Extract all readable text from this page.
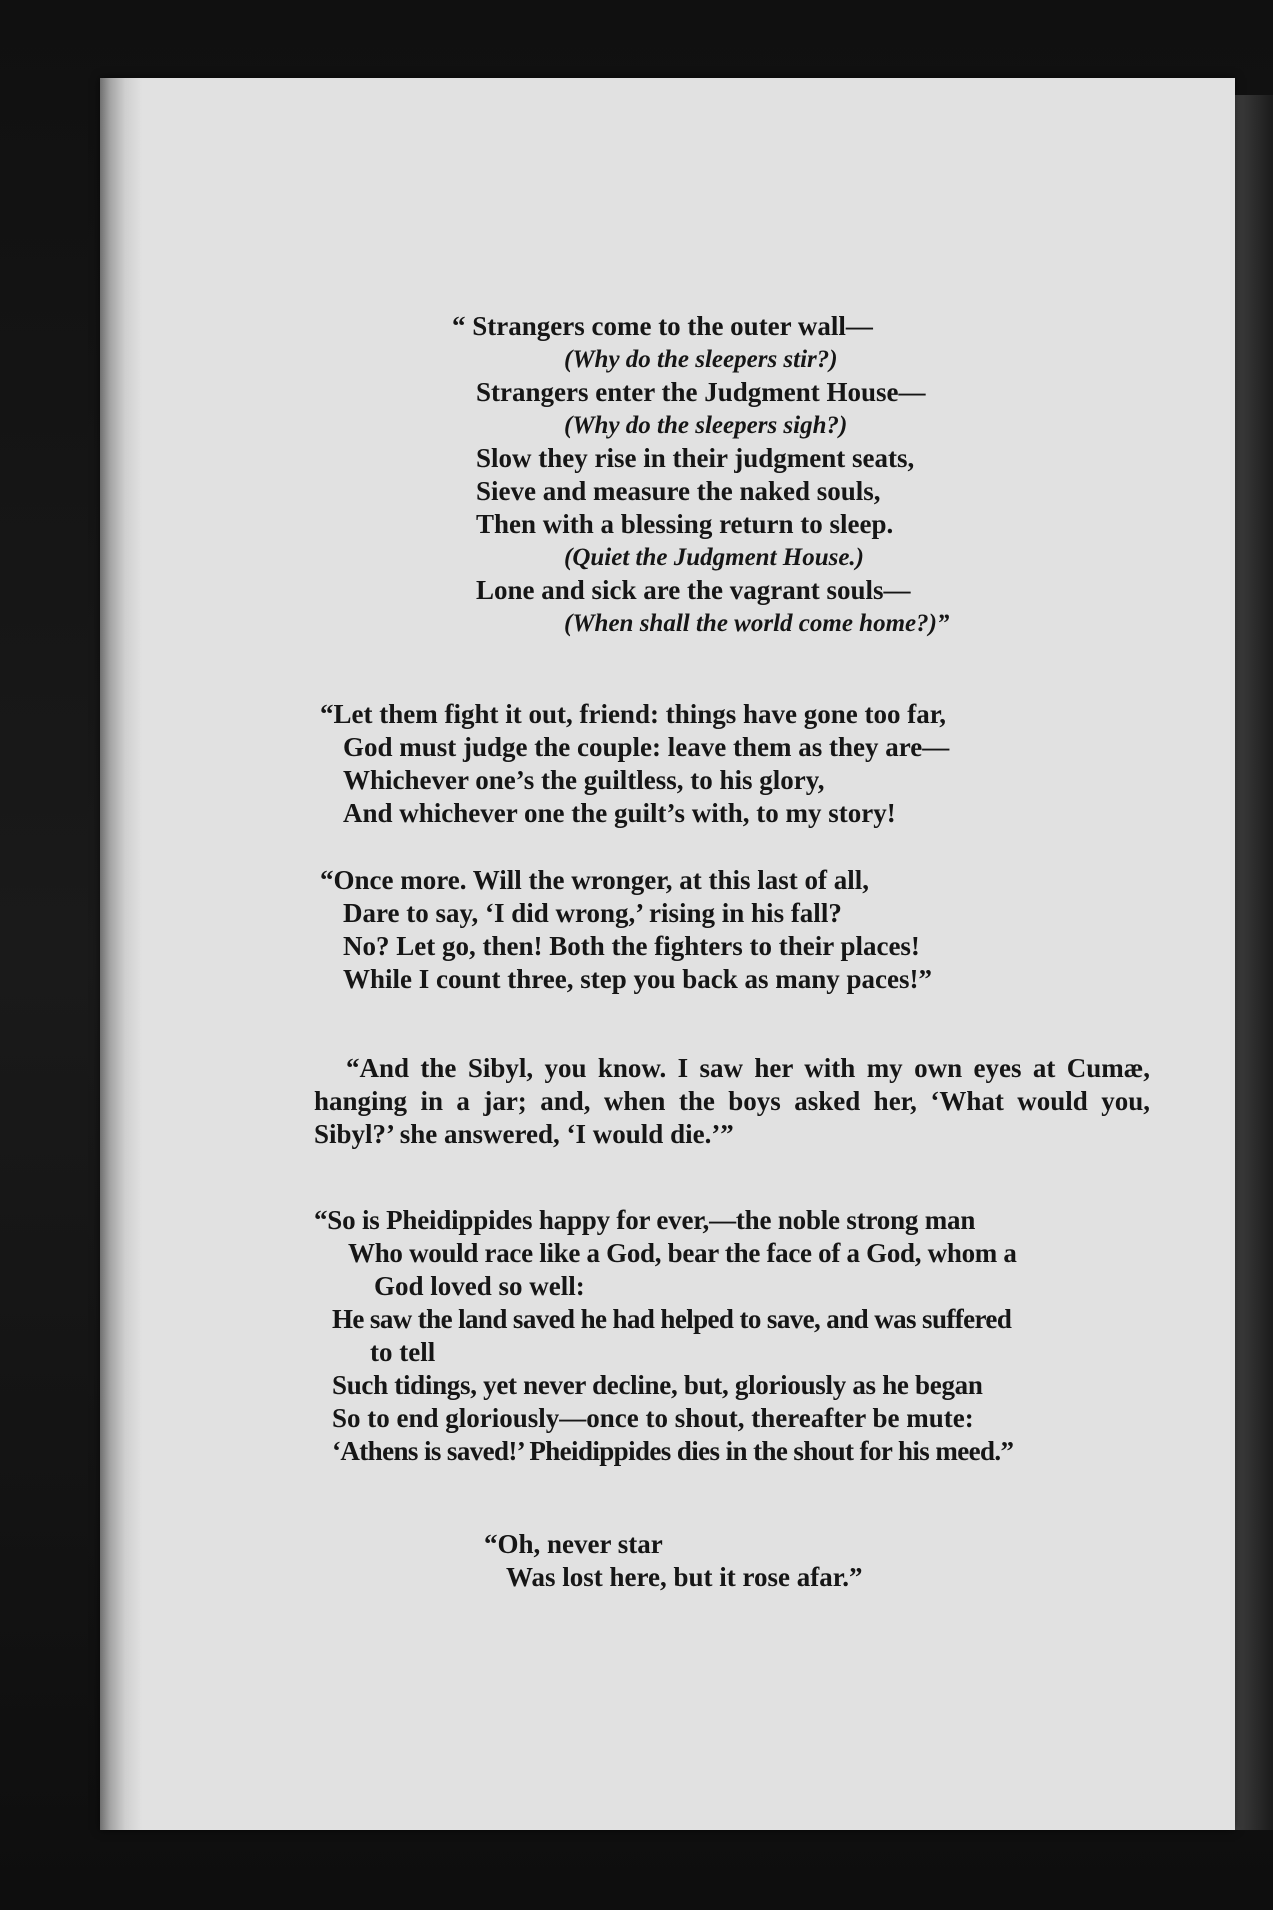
“ Strangers come to the outer wall—
(Why do the sleepers stir?)
Strangers enter the Judgment House—
(Why do the sleepers sigh?)
Slow they rise in their judgment seats,
Sieve and measure the naked souls,
Then with a blessing return to sleep.
(Quiet the Judgment House.)
Lone and sick are the vagrant souls—
(When shall the world come home?)”
“Let them fight it out, friend: things have gone too far,
God must judge the couple: leave them as they are—
Whichever one’s the guiltless, to his glory,
And whichever one the guilt’s with, to my story!
“Once more. Will the wronger, at this last of all,
Dare to say, ‘I did wrong,’ rising in his fall?
No? Let go, then! Both the fighters to their places!
While I count three, step you back as many paces!”

“And the Sibyl, you know. I saw her with my own eyes at Cumæ, hanging in a jar; and, when the boys asked her, ‘What would you, Sibyl?’ she answered, ‘I would die.’”

“So is Pheidippides happy for ever,—the noble strong man
Who would race like a God, bear the face of a God, whom a
God loved so well:
He saw the land saved he had helped to save, and was suffered
to tell
Such tidings, yet never decline, but, gloriously as he began
So to end gloriously—once to shout, thereafter be mute:
‘Athens is saved!’ Pheidippides dies in the shout for his meed.”
“Oh, never star
Was lost here, but it rose afar.”
